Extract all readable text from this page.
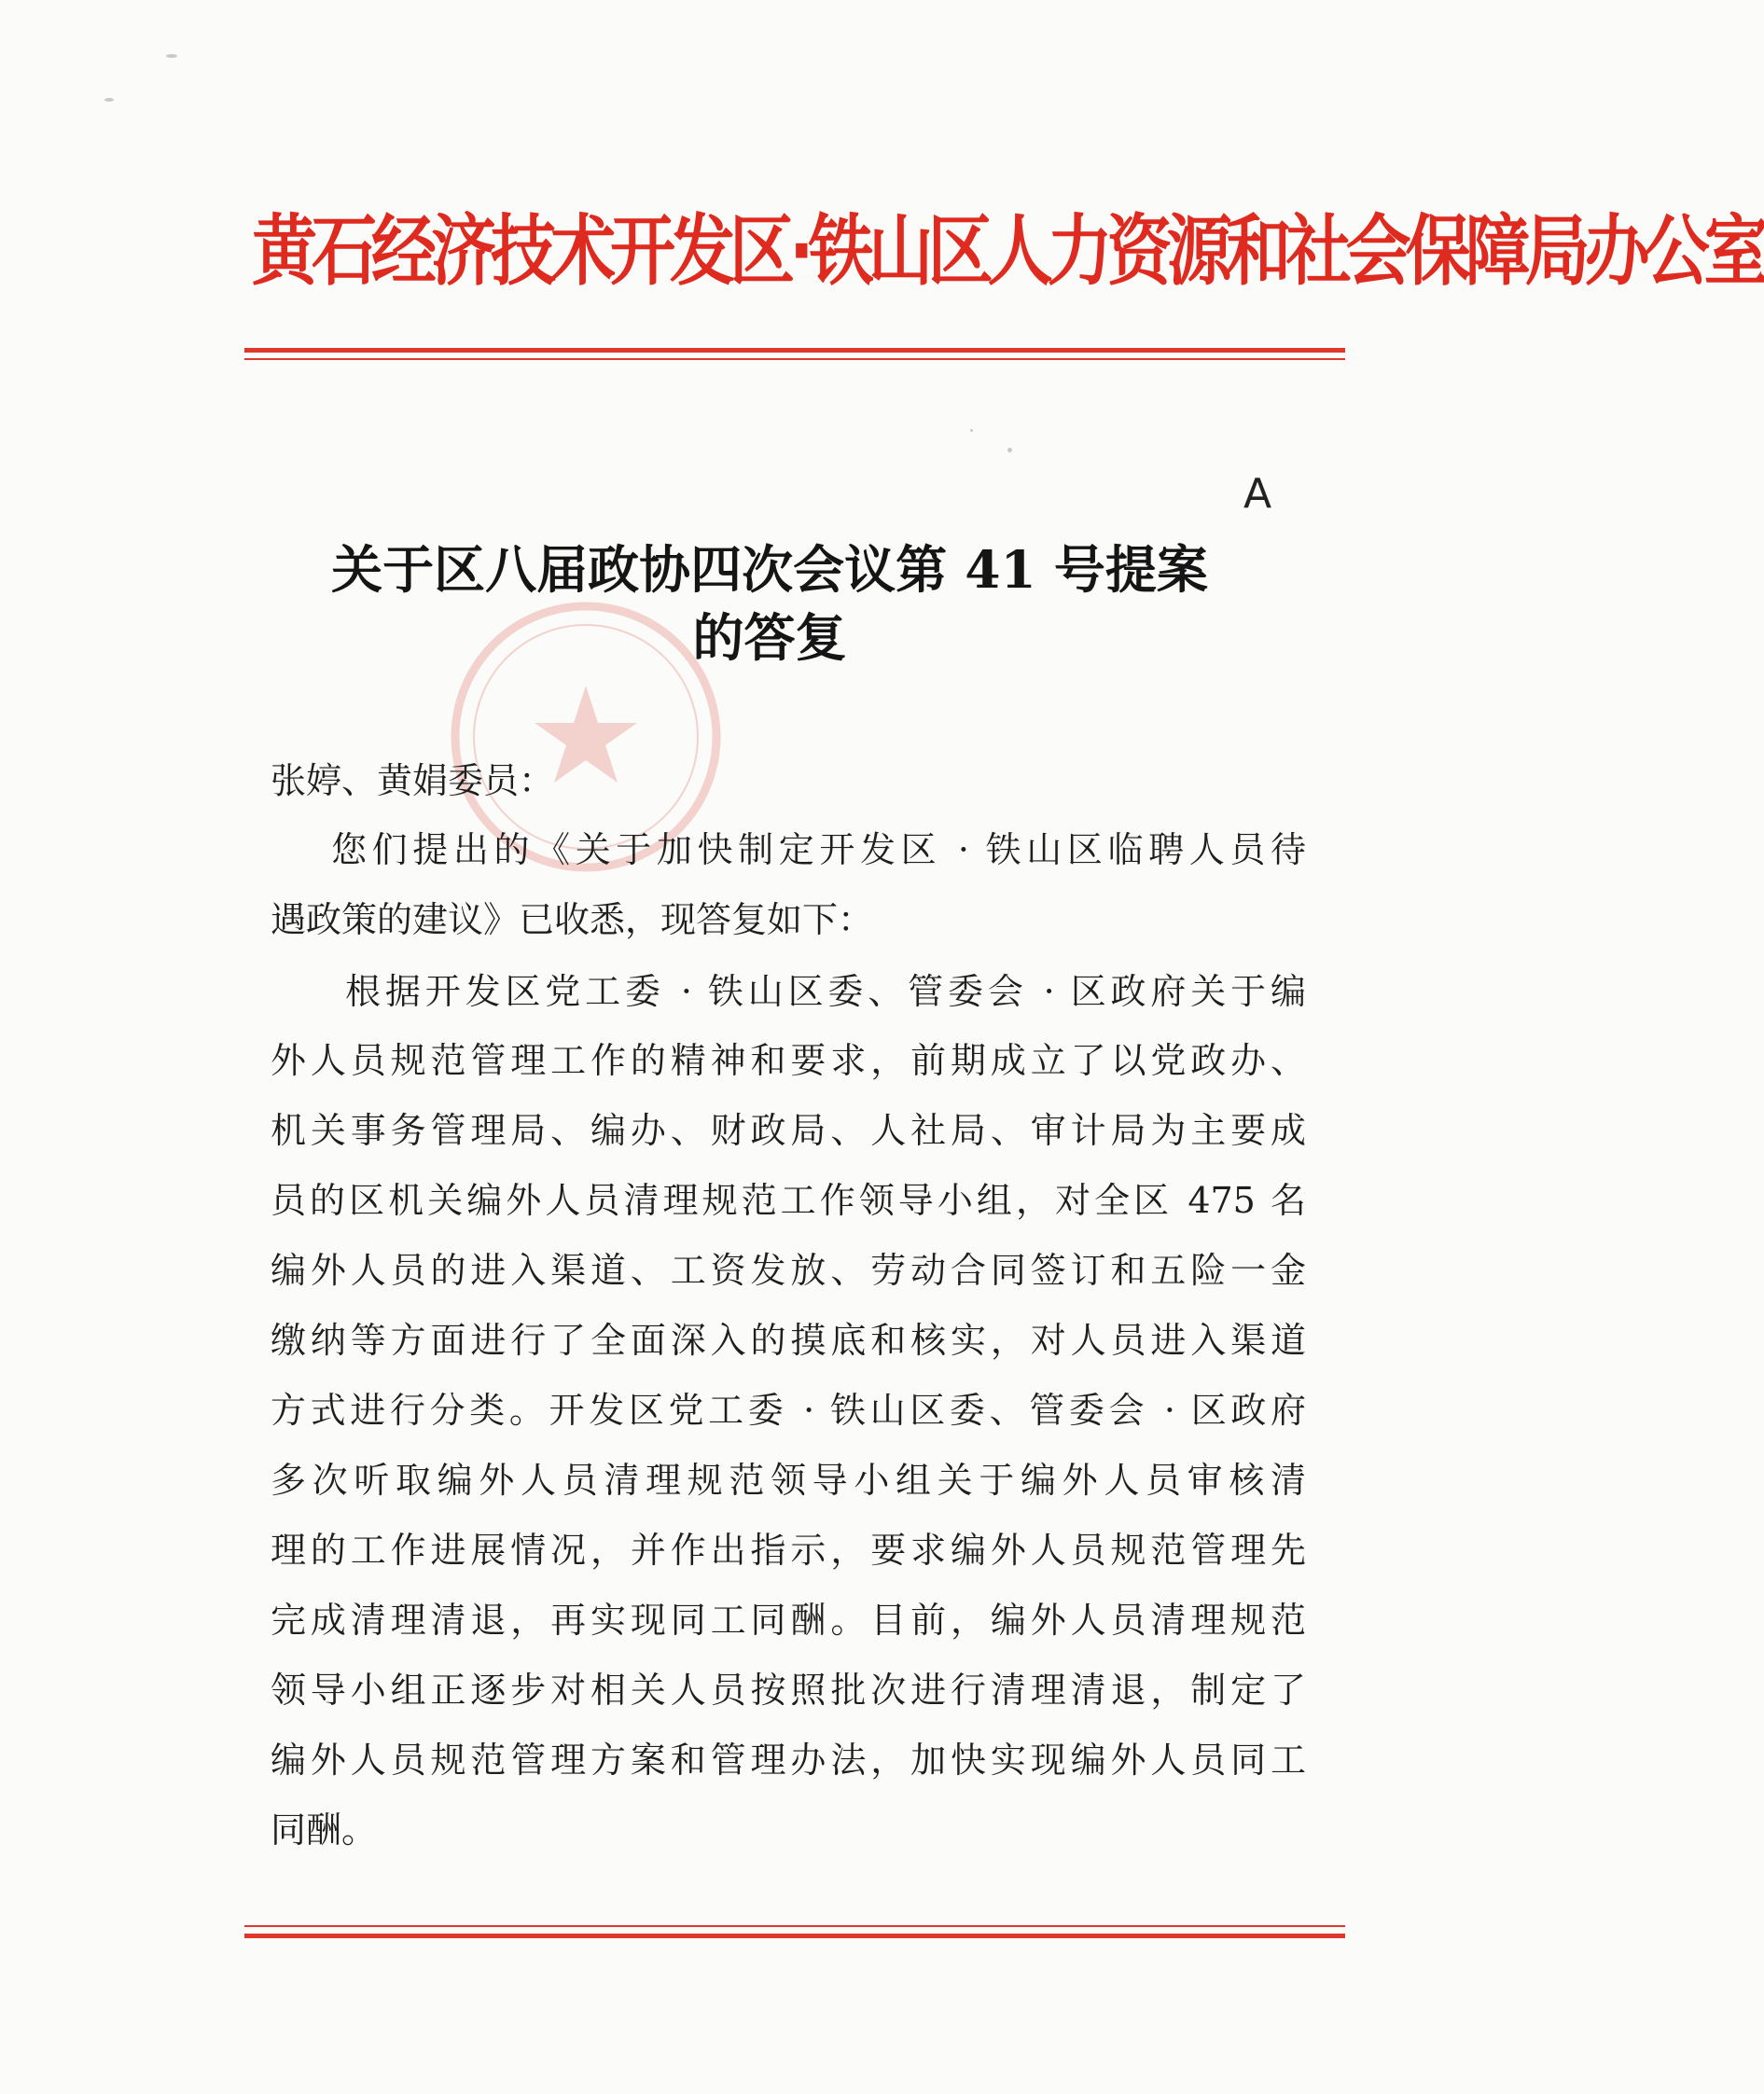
黄石经济技术开发区·铁山区人力资源和社会保障局办公室
A
关于区八届政协四次会议第 41 号提案
的答复
张婷、黄娟委员：
您们提出的《关于加快制定开发区 · 铁山区临聘人员待
遇政策的建议》已收悉，现答复如下：
根据开发区党工委 · 铁山区委、管委会 · 区政府关于编
外人员规范管理工作的精神和要求，前期成立了以党政办、
机关事务管理局、编办、财政局、人社局、审计局为主要成
员的区机关编外人员清理规范工作领导小组，对全区 475 名
编外人员的进入渠道、工资发放、劳动合同签订和五险一金
缴纳等方面进行了全面深入的摸底和核实，对人员进入渠道
方式进行分类。开发区党工委 · 铁山区委、管委会 · 区政府
多次听取编外人员清理规范领导小组关于编外人员审核清
理的工作进展情况，并作出指示，要求编外人员规范管理先
完成清理清退，再实现同工同酬。目前，编外人员清理规范
领导小组正逐步对相关人员按照批次进行清理清退，制定了
编外人员规范管理方案和管理办法，加快实现编外人员同工
同酬。
